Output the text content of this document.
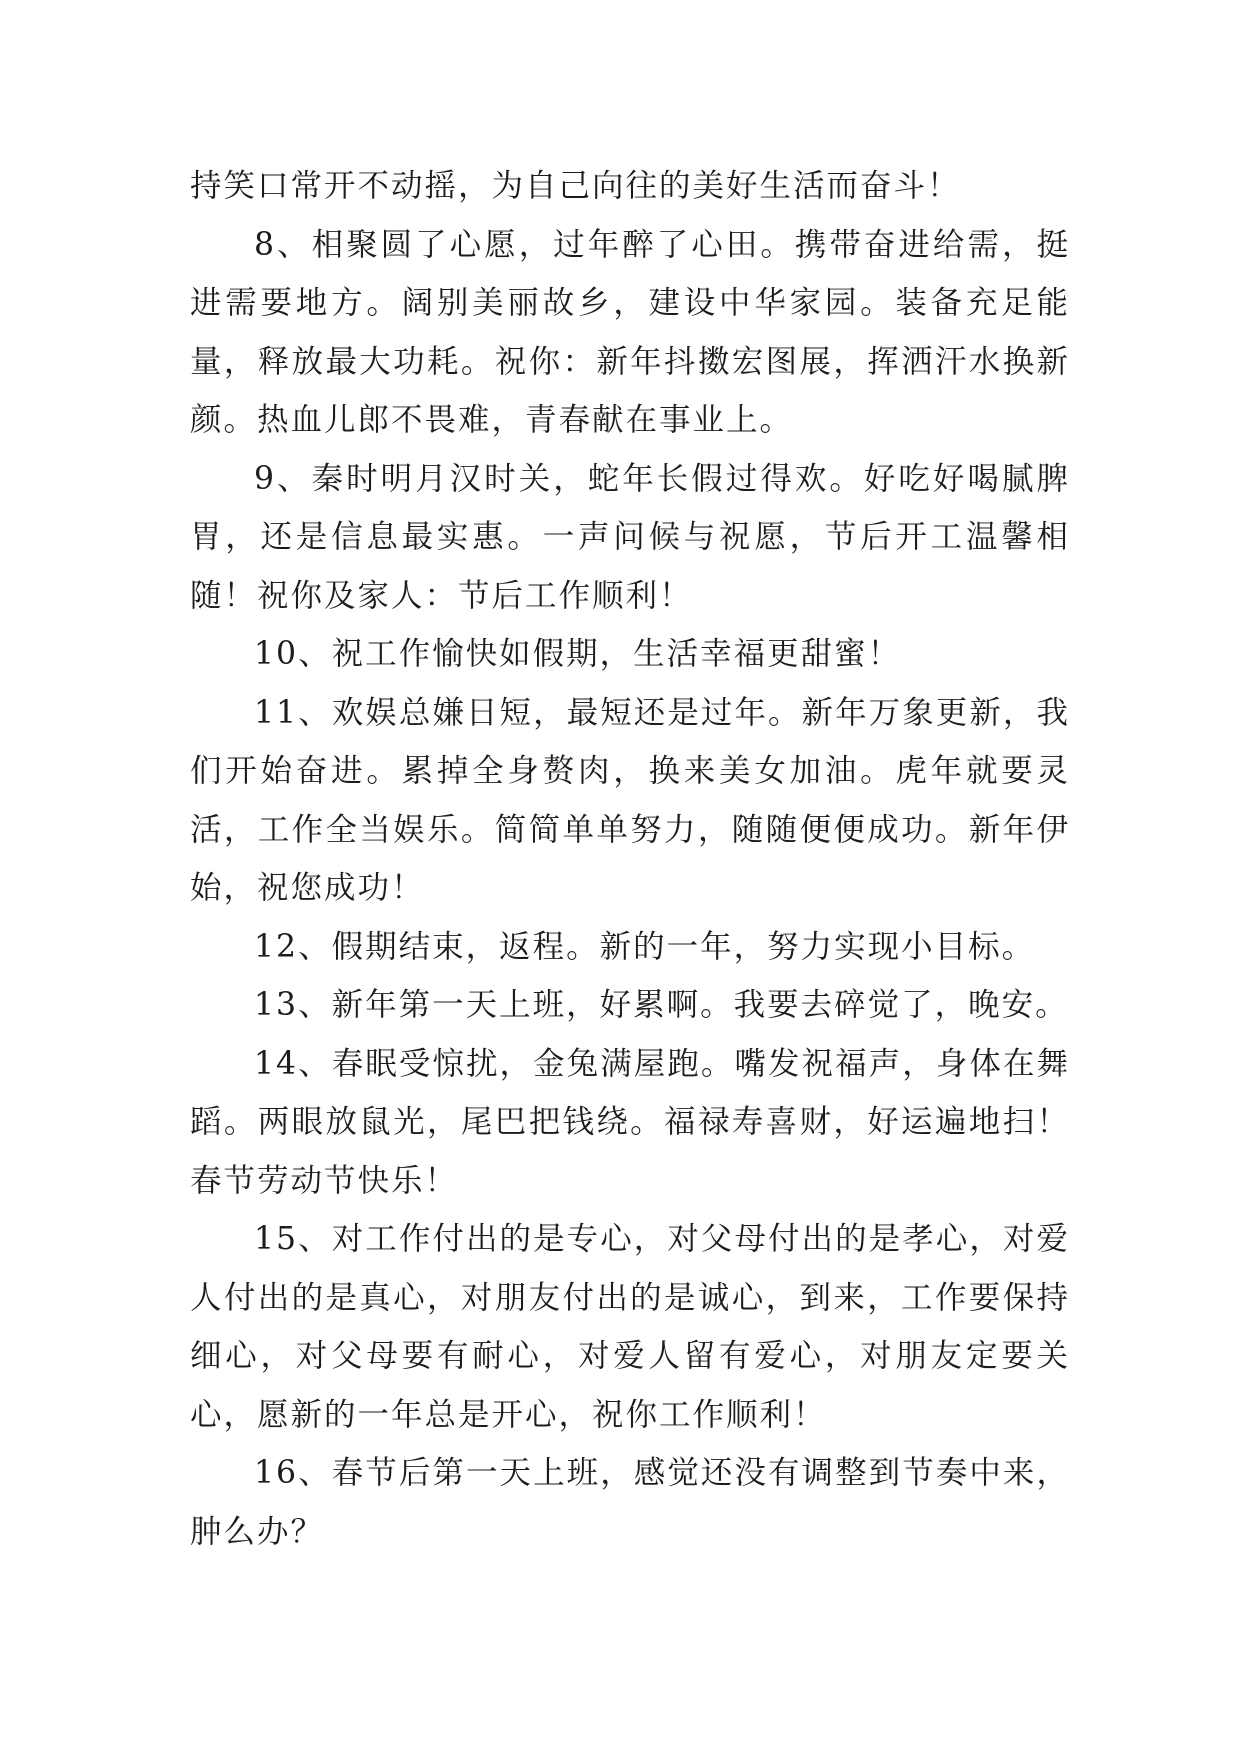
持笑口常开不动摇，为自己向往的美好生活而奋斗！

8、相聚圆了心愿，过年醉了心田。携带奋进给需，挺进需要地方。阔别美丽故乡，建设中华家园。装备充足能量，释放最大功耗。祝你：新年抖擞宏图展，挥洒汗水换新颜。热血儿郎不畏难，青春献在事业上。

9、秦时明月汉时关，蛇年长假过得欢。好吃好喝腻脾胃，还是信息最实惠。一声问候与祝愿，节后开工温馨相随！祝你及家人：节后工作顺利！

10、祝工作愉快如假期，生活幸福更甜蜜！

11、欢娱总嫌日短，最短还是过年。新年万象更新，我们开始奋进。累掉全身赘肉，换来美女加油。虎年就要灵活，工作全当娱乐。简简单单努力，随随便便成功。新年伊始，祝您成功！

12、假期结束，返程。新的一年，努力实现小目标。

13、新年第一天上班，好累啊。我要去碎觉了，晚安。

14、春眠受惊扰，金兔满屋跑。嘴发祝福声，身体在舞蹈。两眼放鼠光，尾巴把钱绕。福禄寿喜财，好运遍地扫！春节劳动节快乐！

15、对工作付出的是专心，对父母付出的是孝心，对爱人付出的是真心，对朋友付出的是诚心，到来，工作要保持细心，对父母要有耐心，对爱人留有爱心，对朋友定要关心，愿新的一年总是开心，祝你工作顺利！

16、春节后第一天上班，感觉还没有调整到节奏中来，肿么办？
